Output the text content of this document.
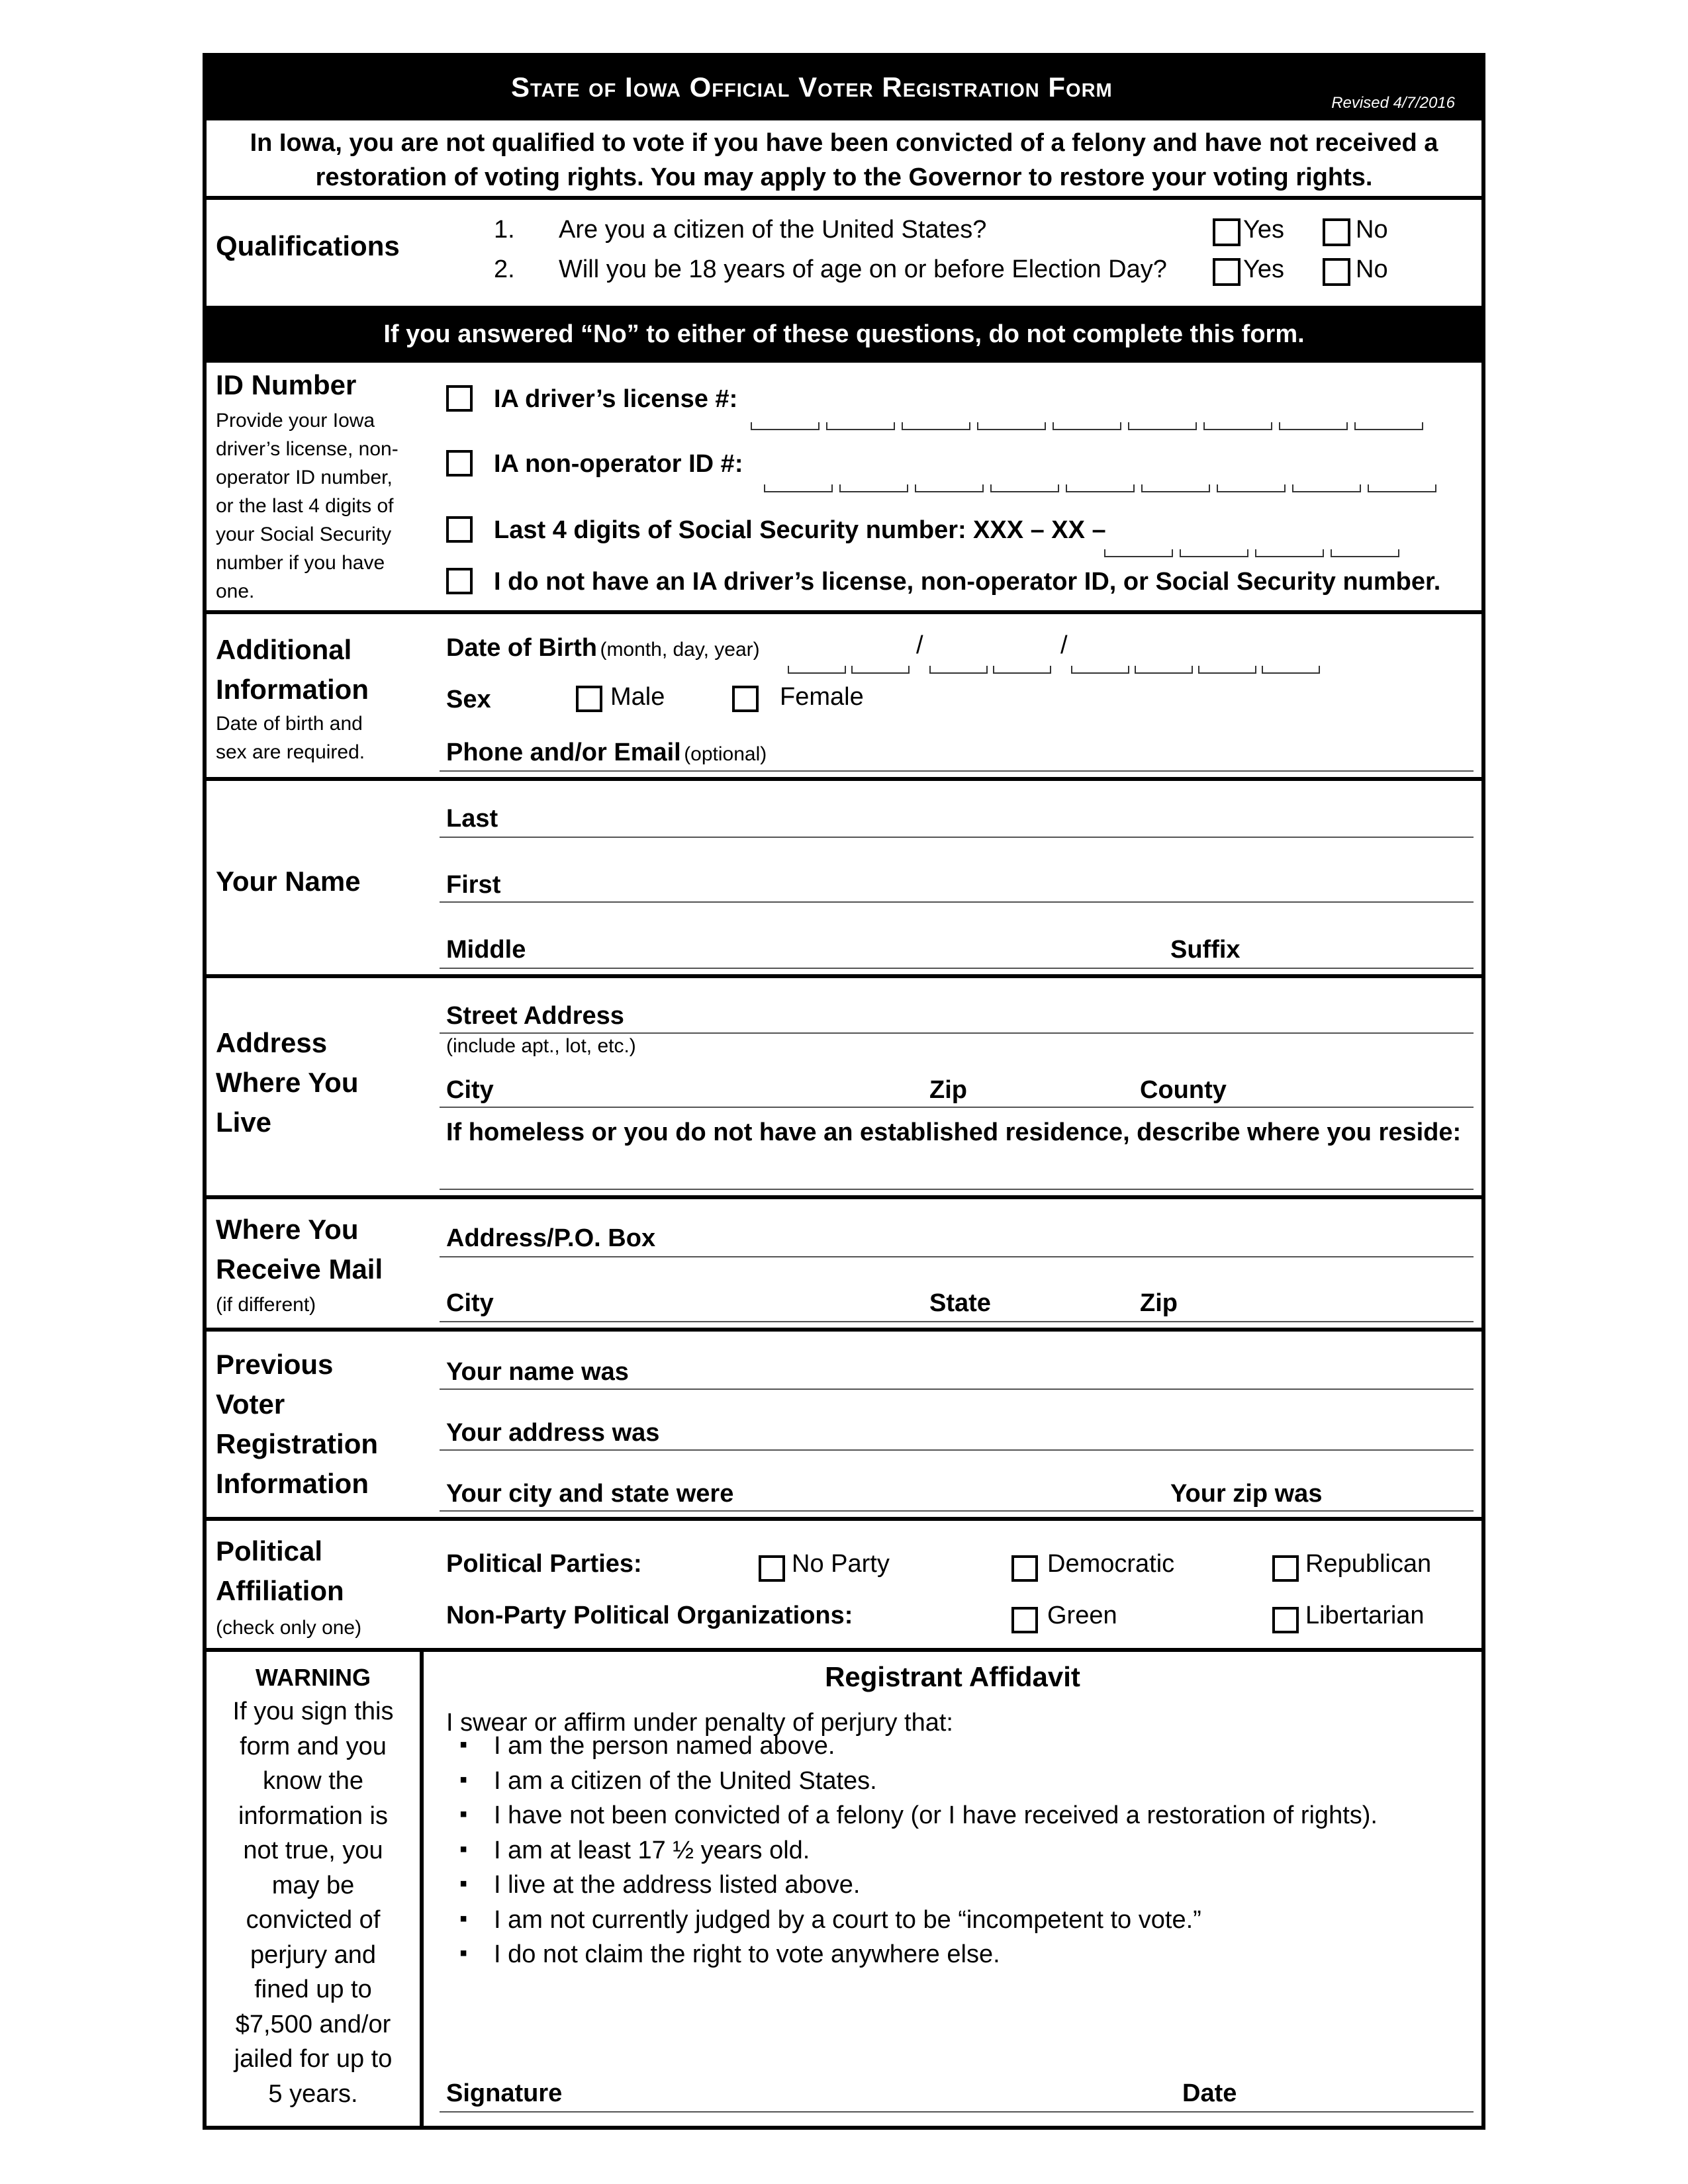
State of Iowa Official Voter Registration Form
Revised 4/7/2016
In Iowa, you are not qualified to vote if you have been convicted of a felony and have not received a
restoration of voting rights. You may apply to the Governor to restore your voting rights.
Qualifications
1. Are you a citizen of the United States?	Yes	No
2. Will you be 18 years of age on or before Election Day?	Yes	No
If you answered “No” to either of these questions, do not complete this form.
ID Number
Provide your Iowa
driver’s license, non-
operator ID number,
or the last 4 digits of
your Social Security
number if you have
one.
IA driver’s license #:
IA non-operator ID #:
Last 4 digits of Social Security number: XXX – XX –
I do not have an IA driver’s license, non-operator ID, or Social Security number.
Additional
Information
Date of birth and
sex are required.
Date of Birth (month, day, year)	/	/
Sex	Male	Female
Phone and/or Email (optional)
Your Name
Last
First
Middle	Suffix
Address
Where You
Live
Street Address
(include apt., lot, etc.)
City	Zip	County
If homeless or you do not have an established residence, describe where you reside:
Where You
Receive Mail
(if different)
Address/P.O. Box
City	State	Zip
Previous
Voter
Registration
Information
Your name was
Your address was
Your city and state were	Your zip was
Political
Affiliation
(check only one)
Political Parties:	No Party	Democratic	Republican
Non-Party Political Organizations:	Green	Libertarian
WARNING
If you sign this
form and you
know the
information is
not true, you
may be
convicted of
perjury and
fined up to
$7,500 and/or
jailed for up to
5 years.
Registrant Affidavit
I swear or affirm under penalty of perjury that:
▪ I am the person named above.
▪ I am a citizen of the United States.
▪ I have not been convicted of a felony (or I have received a restoration of rights).
▪ I am at least 17 ½ years old.
▪ I live at the address listed above.
▪ I am not currently judged by a court to be “incompetent to vote.”
▪ I do not claim the right to vote anywhere else.
Signature	Date
